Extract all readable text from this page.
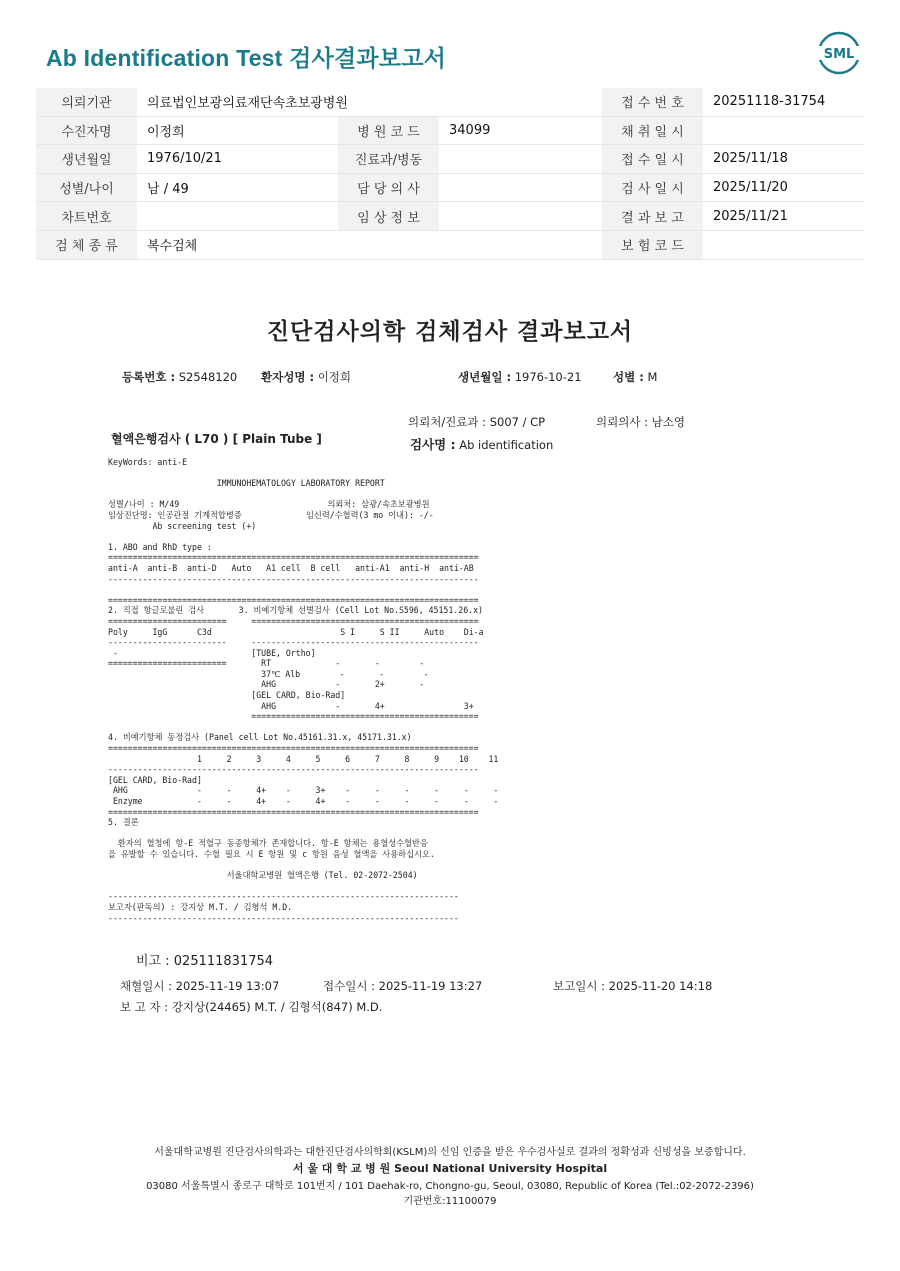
Ab Identification Test 검사결과보고서	SML
의뢰기관	의료법인보광의료재단속초보광병원			접 수 번 호	20251118-31754
수진자명	이정희	병 원 코 드	34099	채 취 일 시	
생년월일	1976/10/21	진료과/병동		접 수 일 시	2025/11/18
성별/나이	남 / 49	담 당 의 사		검 사 일 시	2025/11/20
차트번호		임 상 정 보		결 과 보 고	2025/11/21
검 체 종 류	복수검체			보 험 코 드	
진단검사의학 검체검사 결과보고서
등록번호 : S2548120 환자성명 : 이정희	생년월일 : 1976-10-21	성별 : M
의뢰처/진료과 : S007 / CP	의뢰의사 : 남소영
혈액은행검사 ( L70 ) [ Plain Tube ]	검사명 : Ab identification
KeyWords: anti-E

IMMUNOHEMATOLOGY LABORATORY REPORT

성별/나이 : M/49                              의뢰처: 삼광/속초보광병원
임상진단명: 인공관절 기계적합병증             임신력/수혈력(3 mo 이내): -/-
Ab screening test (+)

1. ABO and RhD type :
===========================================================================
anti-A  anti-B  anti-D   Auto   A1 cell  B cell   anti-A1  anti-H  anti-AB
---------------------------------------------------------------------------

===========================================================================
2. 직접 항글로불린 검사       3. 비예기항체 선별검사 (Cell Lot No.S596, 45151.26.x)
========================     ==============================================
Poly     IgG      C3d                          S I     S II     Auto    Di-a
------------------------     ----------------------------------------------
-                           [TUBE, Ortho]
========================       RT             -       -        -
37℃ Alb        -       -        -
AHG            -       2+       -
[GEL CARD, Bio-Rad]
AHG            -       4+                3+
==============================================

4. 비예기항체 동정검사 (Panel cell Lot No.45161.31.x, 45171.31.x)
===========================================================================
1     2     3     4     5     6     7     8     9    10    11
---------------------------------------------------------------------------
[GEL CARD, Bio-Rad]
AHG              -     -     4+    -     3+    -     -     -     -     -     -
Enzyme           -     -     4+    -     4+    -     -     -     -     -     -
===========================================================================
5. 결론

환자의 혈청에 항-E 적혈구 동종항체가 존재합니다. 항-E 항체는 용혈성수혈반응
을 유발할 수 있습니다. 수혈 필요 시 E 항원 및 c 항원 음성 혈액을 사용하십시오.

서울대학교병원 혈액은행 (Tel. 02-2072-2504)

-----------------------------------------------------------------------
보고자(판독의) : 강지상 M.T. / 김형석 M.D.
-----------------------------------------------------------------------
비고 : 025111831754
채혈일시 : 2025-11-19 13:07	접수일시 : 2025-11-19 13:27	보고일시 : 2025-11-20 14:18
보 고 자 : 강지상(24465) M.T. / 김형석(847) M.D.
서울대학교병원 진단검사의학과는 대한진단검사의학회(KSLM)의 신임 인증을 받은 우수검사실로 결과의 정확성과 신빙성을 보증합니다.
서 울 대 학 교 병 원 Seoul National University Hospital
03080 서울특별시 종로구 대학로 101번지 / 101 Daehak-ro, Chongno-gu, Seoul, 03080, Republic of Korea (Tel.:02-2072-2396)
기관번호:11100079
